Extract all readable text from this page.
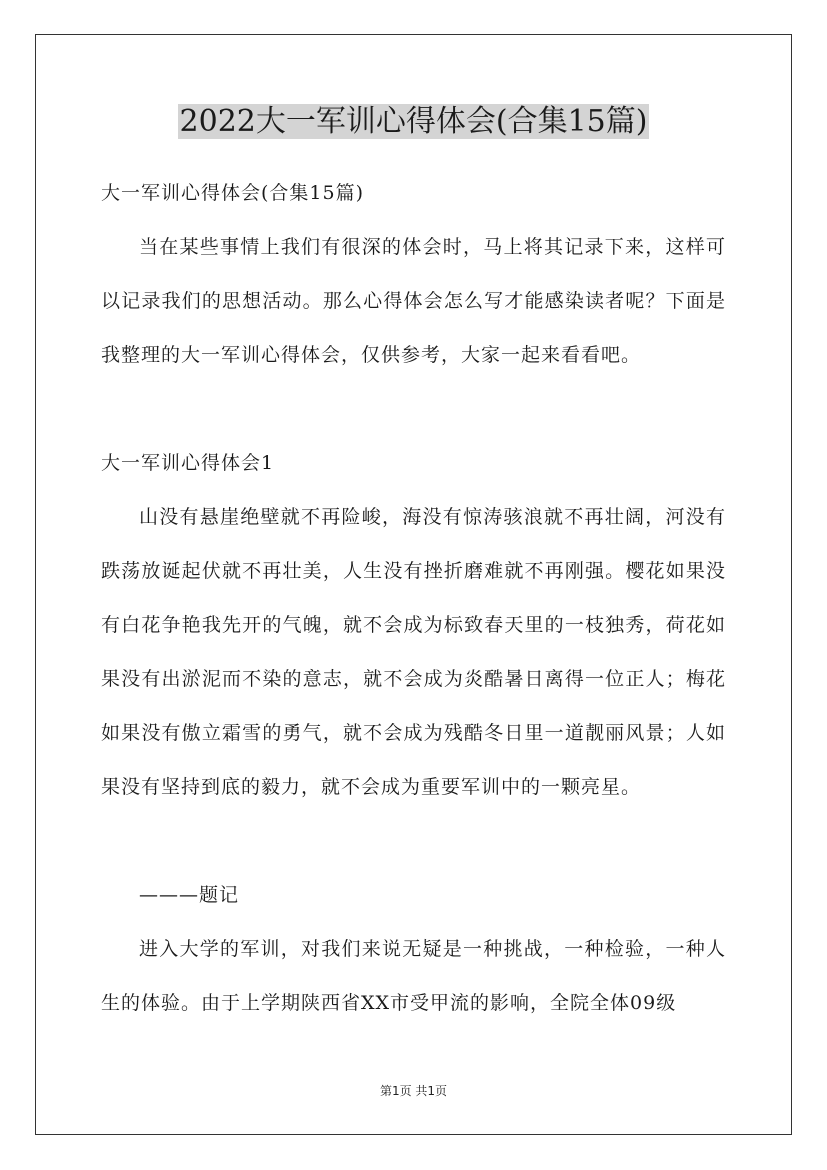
2022大一军训心得体会(合集15篇)
大一军训心得体会(合集15篇)

当在某些事情上我们有很深的体会时，马上将其记录下来，这样可以记录我们的思想活动。那么心得体会怎么写才能感染读者呢？下面是我整理的大一军训心得体会，仅供参考，大家一起来看看吧。

大一军训心得体会1

山没有悬崖绝壁就不再险峻，海没有惊涛骇浪就不再壮阔，河没有跌荡放诞起伏就不再壮美，人生没有挫折磨难就不再刚强。樱花如果没有白花争艳我先开的气魄，就不会成为标致春天里的一枝独秀，荷花如果没有出淤泥而不染的意志，就不会成为炎酷暑日离得一位正人；梅花如果没有傲立霜雪的勇气，就不会成为残酷冬日里一道靓丽风景；人如果没有坚持到底的毅力，就不会成为重要军训中的一颗亮星。

———题记

进入大学的军训，对我们来说无疑是一种挑战，一种检验，一种人生的体验。由于上学期陕西省XX市受甲流的影响，全院全体09级

第1页 共1页
